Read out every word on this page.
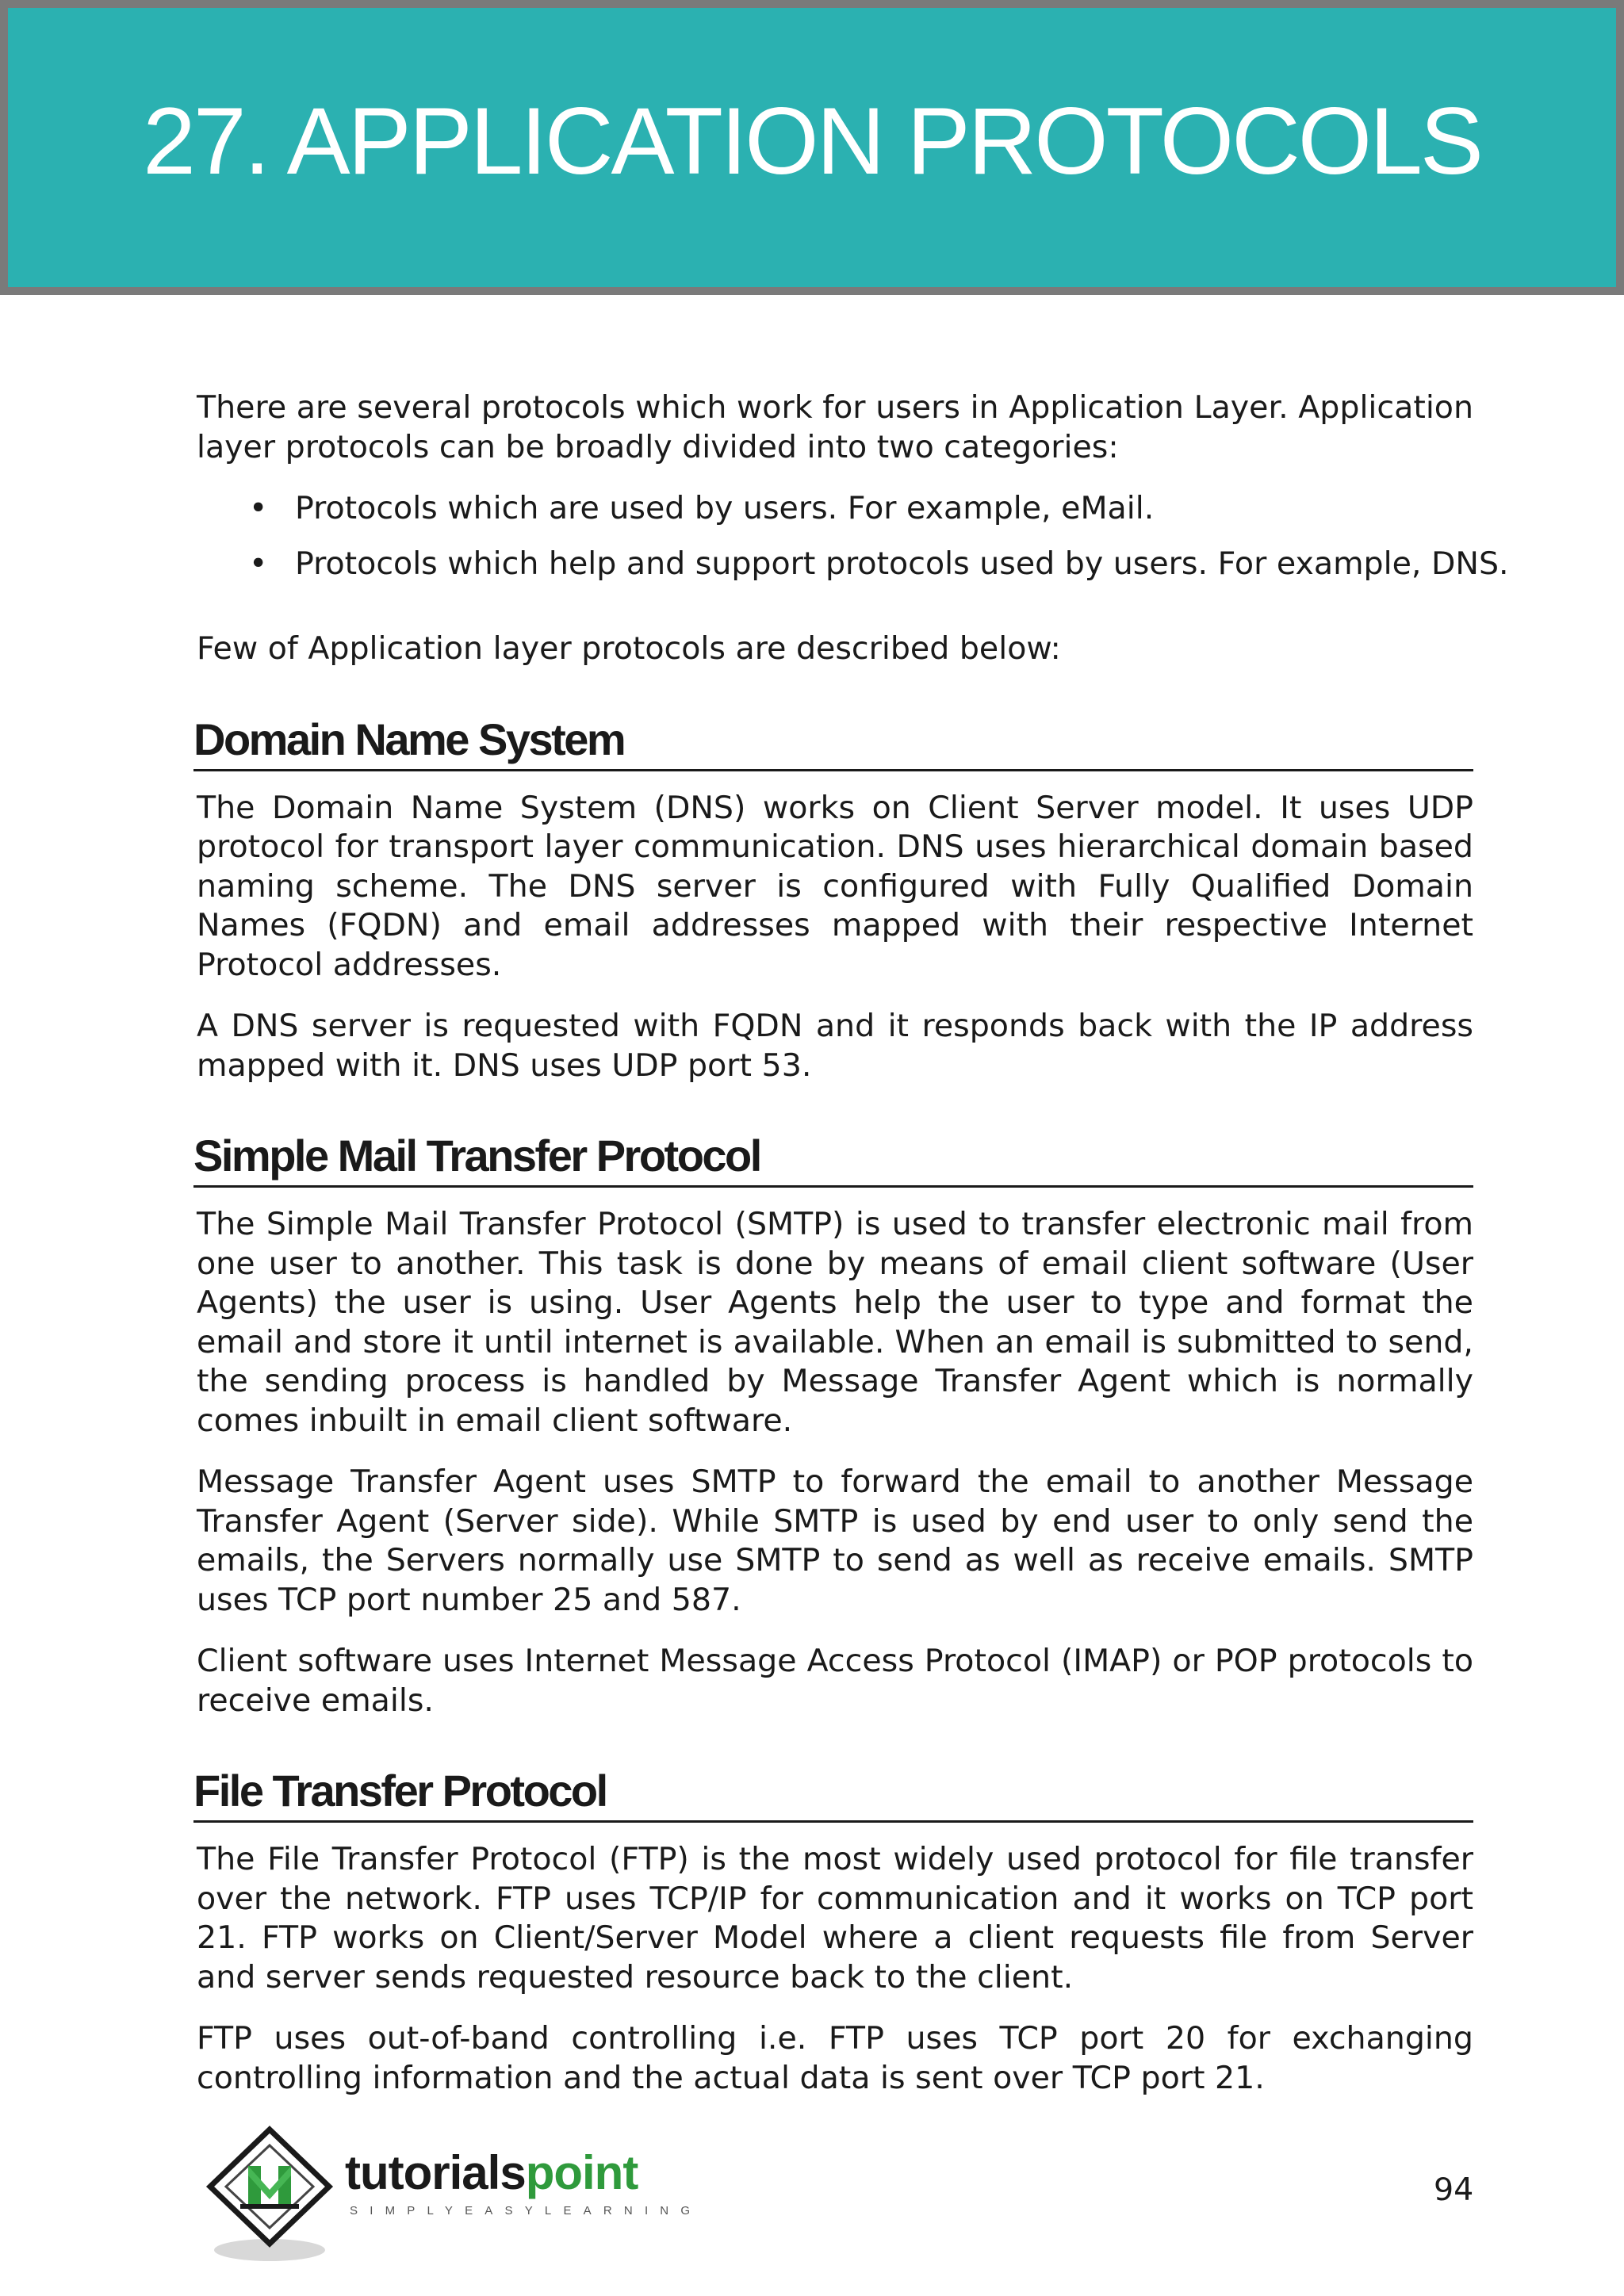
27. APPLICATION PROTOCOLS

There are several protocols which work for users in Application Layer. Application layer protocols can be broadly divided into two categories:

• Protocols which are used by users. For example, eMail.
• Protocols which help and support protocols used by users. For example, DNS.

Few of Application layer protocols are described below:

Domain Name System

The Domain Name System (DNS) works on Client Server model. It uses UDP protocol for transport layer communication. DNS uses hierarchical domain based naming scheme. The DNS server is configured with Fully Qualified Domain Names (FQDN) and email addresses mapped with their respective Internet Protocol addresses.

A DNS server is requested with FQDN and it responds back with the IP address mapped with it. DNS uses UDP port 53.

Simple Mail Transfer Protocol

The Simple Mail Transfer Protocol (SMTP) is used to transfer electronic mail from one user to another. This task is done by means of email client software (User Agents) the user is using. User Agents help the user to type and format the email and store it until internet is available. When an email is submitted to send, the sending process is handled by Message Transfer Agent which is normally comes inbuilt in email client software.

Message Transfer Agent uses SMTP to forward the email to another Message Transfer Agent (Server side). While SMTP is used by end user to only send the emails, the Servers normally use SMTP to send as well as receive emails. SMTP uses TCP port number 25 and 587.

Client software uses Internet Message Access Protocol (IMAP) or POP protocols to receive emails.

File Transfer Protocol

The File Transfer Protocol (FTP) is the most widely used protocol for file transfer over the network. FTP uses TCP/IP for communication and it works on TCP port 21. FTP works on Client/Server Model where a client requests file from Server and server sends requested resource back to the client.

FTP uses out-of-band controlling i.e. FTP uses TCP port 20 for exchanging controlling information and the actual data is sent over TCP port 21.

tutorialspoint
SIMPLYEASYLEARNING
94
